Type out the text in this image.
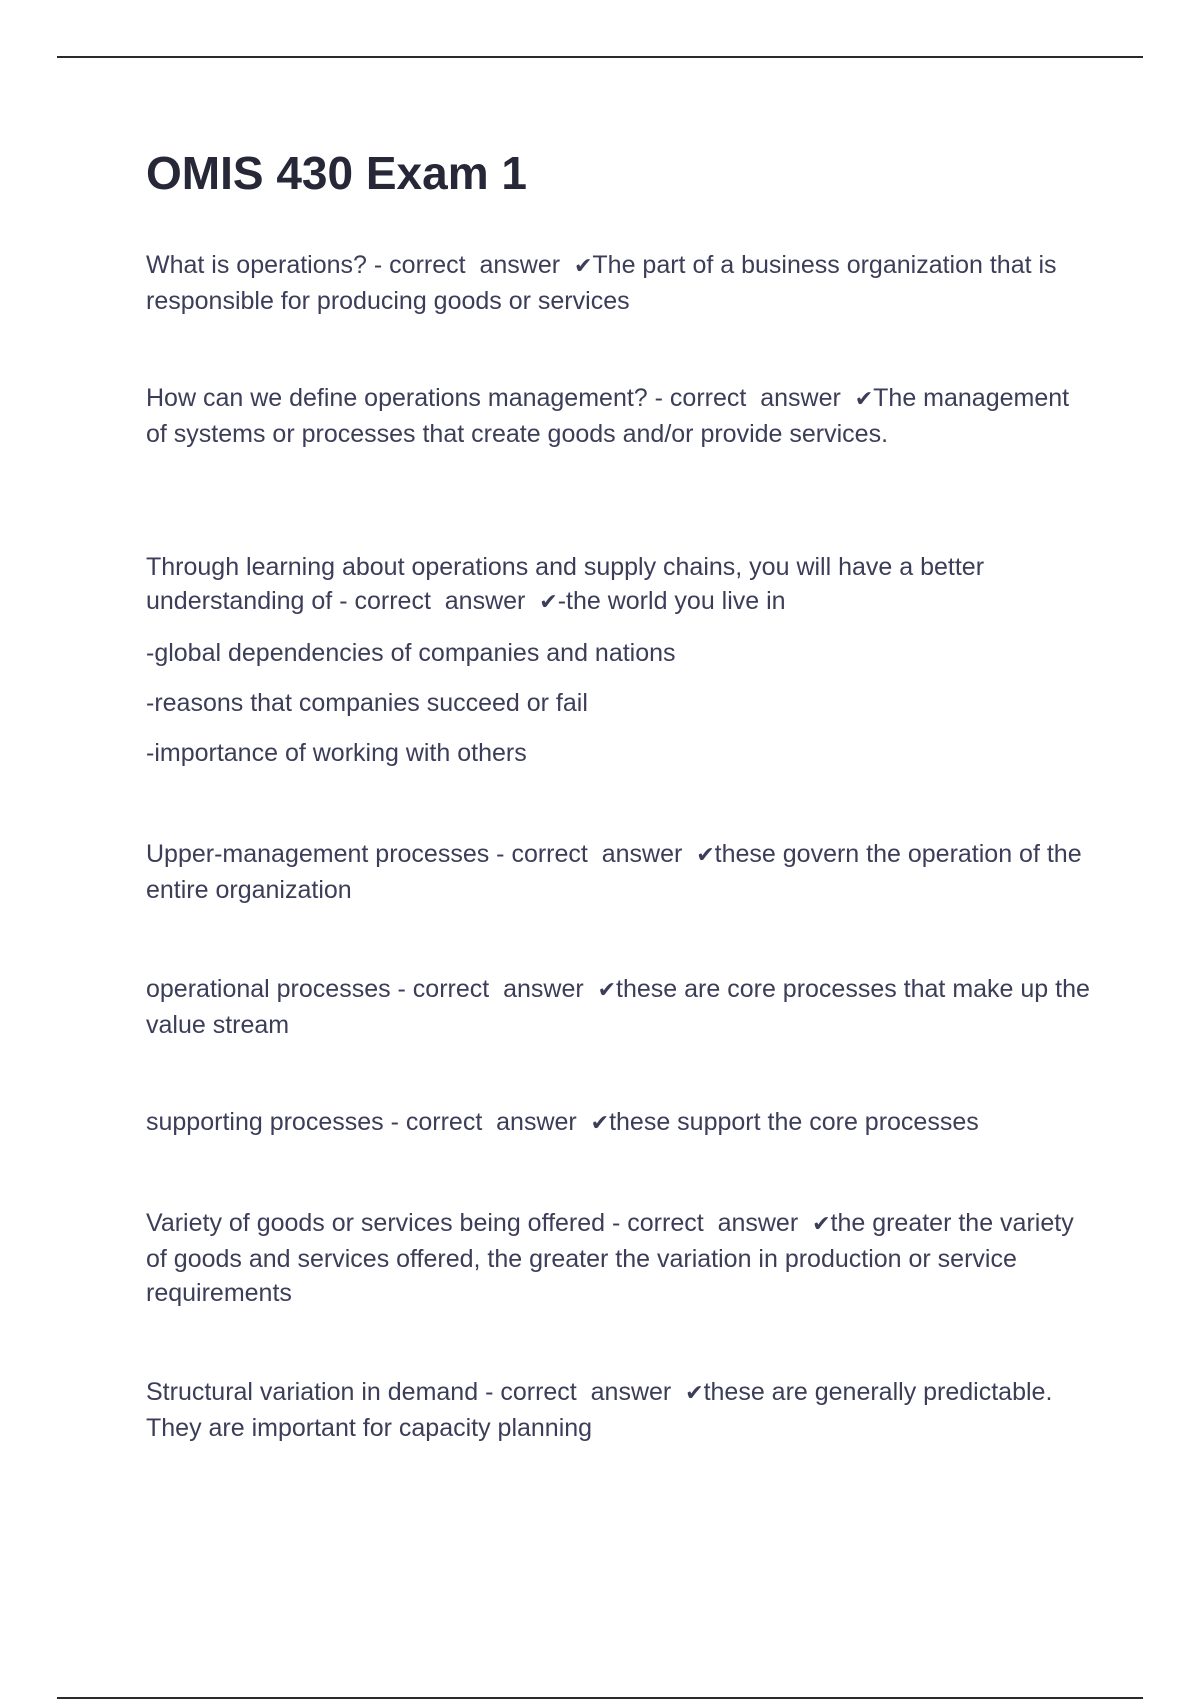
OMIS 430 Exam 1

What is operations? - correct  answer  ✔The part of a business organization that is responsible for producing goods or services

How can we define operations management? - correct  answer  ✔The management of systems or processes that create goods and/or provide services.

Through learning about operations and supply chains, you will have a better understanding of - correct  answer  ✔-the world you live in

-global dependencies of companies and nations

-reasons that companies succeed or fail

-importance of working with others

Upper-management processes - correct  answer  ✔these govern the operation of the entire organization

operational processes - correct  answer  ✔these are core processes that make up the value stream

supporting processes - correct  answer  ✔these support the core processes

Variety of goods or services being offered - correct  answer  ✔the greater the variety of goods and services offered, the greater the variation in production or service requirements

Structural variation in demand - correct  answer  ✔these are generally predictable. They are important for capacity planning
